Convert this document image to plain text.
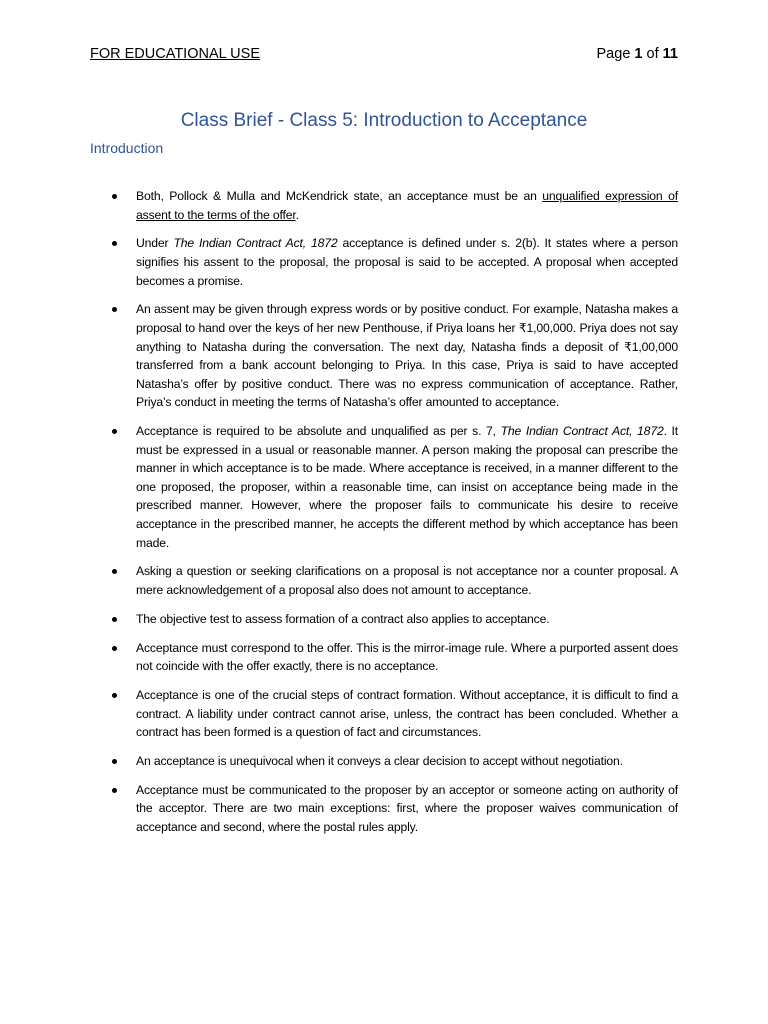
FOR EDUCATIONAL USE	Page 1 of 11
Class Brief - Class 5: Introduction to Acceptance
Introduction
Both, Pollock & Mulla and McKendrick state, an acceptance must be an unqualified expression of assent to the terms of the offer.
Under The Indian Contract Act, 1872 acceptance is defined under s. 2(b). It states where a person signifies his assent to the proposal, the proposal is said to be accepted. A proposal when accepted becomes a promise.
An assent may be given through express words or by positive conduct. For example, Natasha makes a proposal to hand over the keys of her new Penthouse, if Priya loans her ₹1,00,000. Priya does not say anything to Natasha during the conversation. The next day, Natasha finds a deposit of ₹1,00,000 transferred from a bank account belonging to Priya. In this case, Priya is said to have accepted Natasha’s offer by positive conduct. There was no express communication of acceptance. Rather, Priya’s conduct in meeting the terms of Natasha’s offer amounted to acceptance.
Acceptance is required to be absolute and unqualified as per s. 7, The Indian Contract Act, 1872. It must be expressed in a usual or reasonable manner. A person making the proposal can prescribe the manner in which acceptance is to be made. Where acceptance is received, in a manner different to the one proposed, the proposer, within a reasonable time, can insist on acceptance being made in the prescribed manner. However, where the proposer fails to communicate his desire to receive acceptance in the prescribed manner, he accepts the different method by which acceptance has been made.
Asking a question or seeking clarifications on a proposal is not acceptance nor a counter proposal. A mere acknowledgement of a proposal also does not amount to acceptance.
The objective test to assess formation of a contract also applies to acceptance.
Acceptance must correspond to the offer. This is the mirror-image rule. Where a purported assent does not coincide with the offer exactly, there is no acceptance.
Acceptance is one of the crucial steps of contract formation. Without acceptance, it is difficult to find a contract. A liability under contract cannot arise, unless, the contract has been concluded. Whether a contract has been formed is a question of fact and circumstances.
An acceptance is unequivocal when it conveys a clear decision to accept without negotiation.
Acceptance must be communicated to the proposer by an acceptor or someone acting on authority of the acceptor. There are two main exceptions: first, where the proposer waives communication of acceptance and second, where the postal rules apply.
